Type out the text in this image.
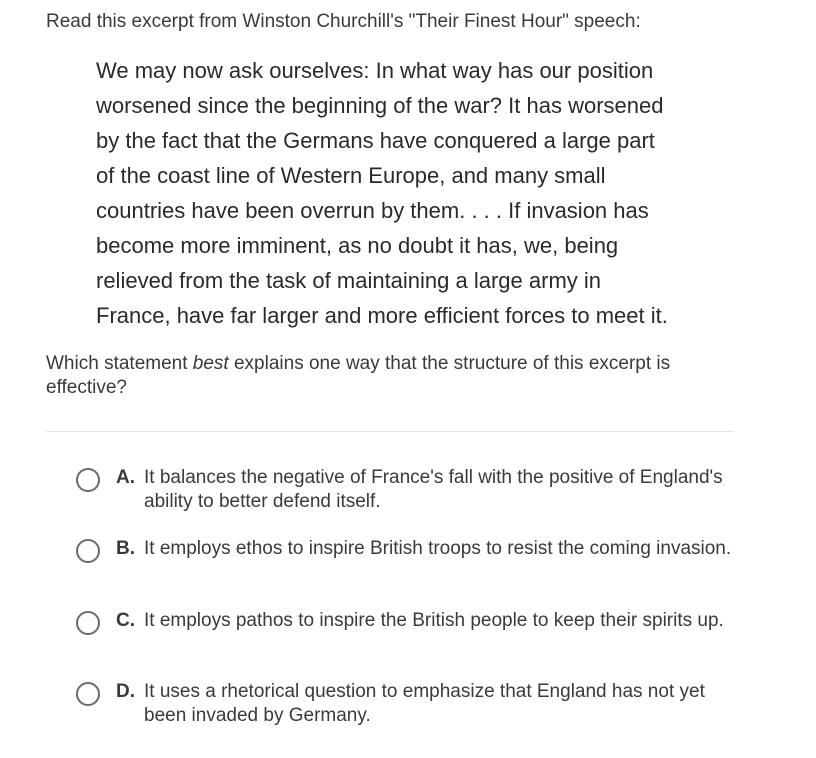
Read this excerpt from Winston Churchill's "Their Finest Hour" speech:
We may now ask ourselves: In what way has our position
worsened since the beginning of the war? It has worsened
by the fact that the Germans have conquered a large part
of the coast line of Western Europe, and many small
countries have been overrun by them. . . . If invasion has
become more imminent, as no doubt it has, we, being
relieved from the task of maintaining a large army in
France, have far larger and more efficient forces to meet it.
Which statement best explains one way that the structure of this excerpt is effective?
A. It balances the negative of France's fall with the positive of England's ability to better defend itself.
B. It employs ethos to inspire British troops to resist the coming invasion.
C. It employs pathos to inspire the British people to keep their spirits up.
D. It uses a rhetorical question to emphasize that England has not yet been invaded by Germany.
